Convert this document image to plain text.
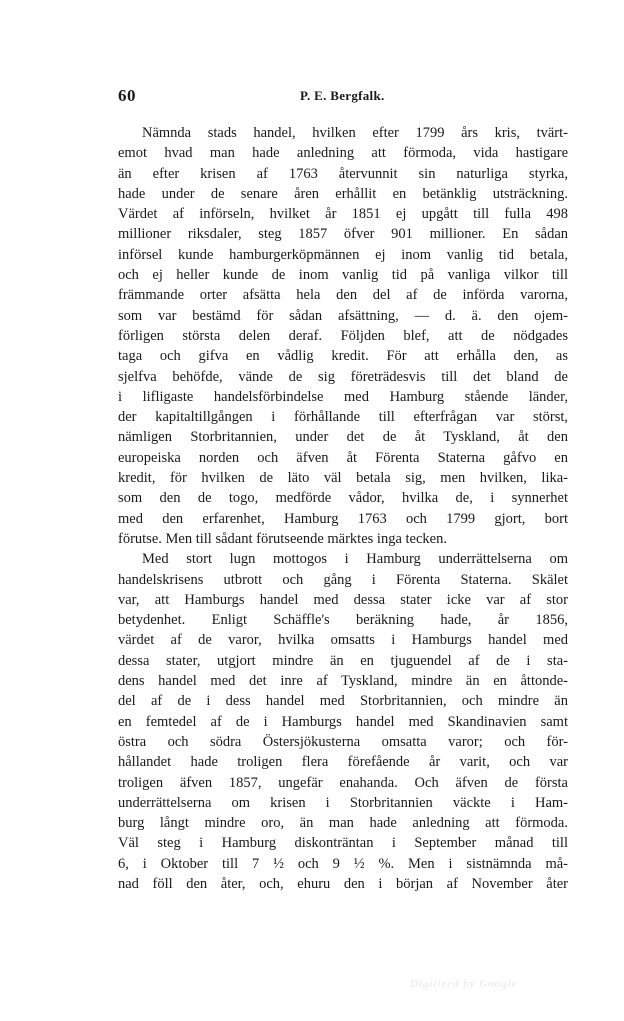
60	P. E. Bergfalk.
Nämnda stads handel, hvilken efter 1799 års kris, tvärt-
emot hvad man hade anledning att förmoda, vida hastigare
än efter krisen af 1763 återvunnit sin naturliga styrka,
hade under de senare åren erhållit en betänklig utsträckning.
Värdet af införseln, hvilket år 1851 ej upgått till fulla 498
millioner riksdaler, steg 1857 öfver 901 millioner. En sådan
införsel kunde hamburgerköpmännen ej inom vanlig tid betala,
och ej heller kunde de inom vanlig tid på vanliga vilkor till
främmande orter afsätta hela den del af de införda varorna,
som var bestämd för sådan afsättning, — d. ä. den ojem-
förligen största delen deraf. Följden blef, att de nödgades
taga och gifva en vådlig kredit. För att erhålla den, as
sjelfva behöfde, vände de sig företrädesvis till det bland de
i lifligaste handelsförbindelse med Hamburg stående länder,
der kapitaltillgången i förhållande till efterfrågan var störst,
nämligen Storbritannien, under det de åt Tyskland, åt den
europeiska norden och äfven åt Förenta Staterna gåfvo en
kredit, för hvilken de läto väl betala sig, men hvilken, lika-
som den de togo, medförde vådor, hvilka de, i synnerhet
med den erfarenhet, Hamburg 1763 och 1799 gjort, bort
förutse. Men till sådant förutseende märktes inga tecken.
Med stort lugn mottogos i Hamburg underrättelserna om
handelskrisens utbrott och gång i Förenta Staterna. Skälet
var, att Hamburgs handel med dessa stater icke var af stor
betydenhet. Enligt Schäffle's beräkning hade, år 1856,
värdet af de varor, hvilka omsatts i Hamburgs handel med
dessa stater, utgjort mindre än en tjuguendel af de i sta-
dens handel med det inre af Tyskland, mindre än en åttonde-
del af de i dess handel med Storbritannien, och mindre än
en femtedel af de i Hamburgs handel med Skandinavien samt
östra och södra Östersjökusterna omsatta varor; och för-
hållandet hade troligen flera förefående år varit, och var
troligen äfven 1857, ungefär enahanda. Och äfven de första
underrättelserna om krisen i Storbritannien väckte i Ham-
burg långt mindre oro, än man hade anledning att förmoda.
Väl steg i Hamburg diskonträntan i September månad till
6, i Oktober till 7 ½ och 9 ½ %. Men i sistnämnda må-
nad föll den åter, och, ehuru den i början af November åter
Digitized by Google
